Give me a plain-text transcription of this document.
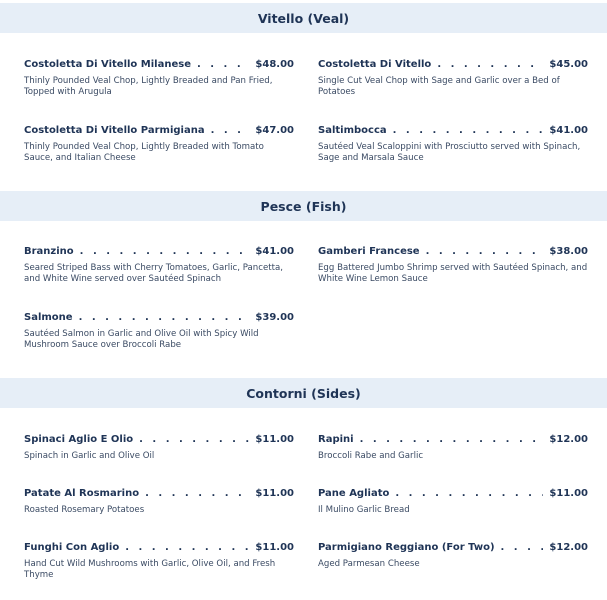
Vitello (Veal)
Costoletta Di Vitello Milanese . . .	$48.00
Thinly Pounded Veal Chop, Lightly Breaded and Pan Fried, Topped with Arugula
Costoletta Di Vitello . . .	$45.00
Single Cut Veal Chop with Sage and Garlic over a Bed of Potatoes
Costoletta Di Vitello Parmigiana . . .	$47.00
Thinly Pounded Veal Chop, Lightly Breaded with Tomato Sauce, and Italian Cheese
Saltimbocca . . .	$41.00
Sautéed Veal Scaloppini with Prosciutto served with Spinach, Sage and Marsala Sauce
Pesce (Fish)
Branzino . . .	$41.00
Seared Striped Bass with Cherry Tomatoes, Garlic, Pancetta, and White Wine served over Sautéed Spinach
Gamberi Francese . . .	$38.00
Egg Battered Jumbo Shrimp served with Sautéed Spinach, and White Wine Lemon Sauce
Salmone . . .	$39.00
Sautéed Salmon in Garlic and Olive Oil with Spicy Wild Mushroom Sauce over Broccoli Rabe
Contorni (Sides)
Spinaci Aglio E Olio . . .	$11.00
Spinach in Garlic and Olive Oil
Rapini . . .	$12.00
Broccoli Rabe and Garlic
Patate Al Rosmarino . . .	$11.00
Roasted Rosemary Potatoes
Pane Agliato . . .	$11.00
Il Mulino Garlic Bread
Funghi Con Aglio . . .	$11.00
Hand Cut Wild Mushrooms with Garlic, Olive Oil, and Fresh Thyme
Parmigiano Reggiano (For Two) . . .	$12.00
Aged Parmesan Cheese
